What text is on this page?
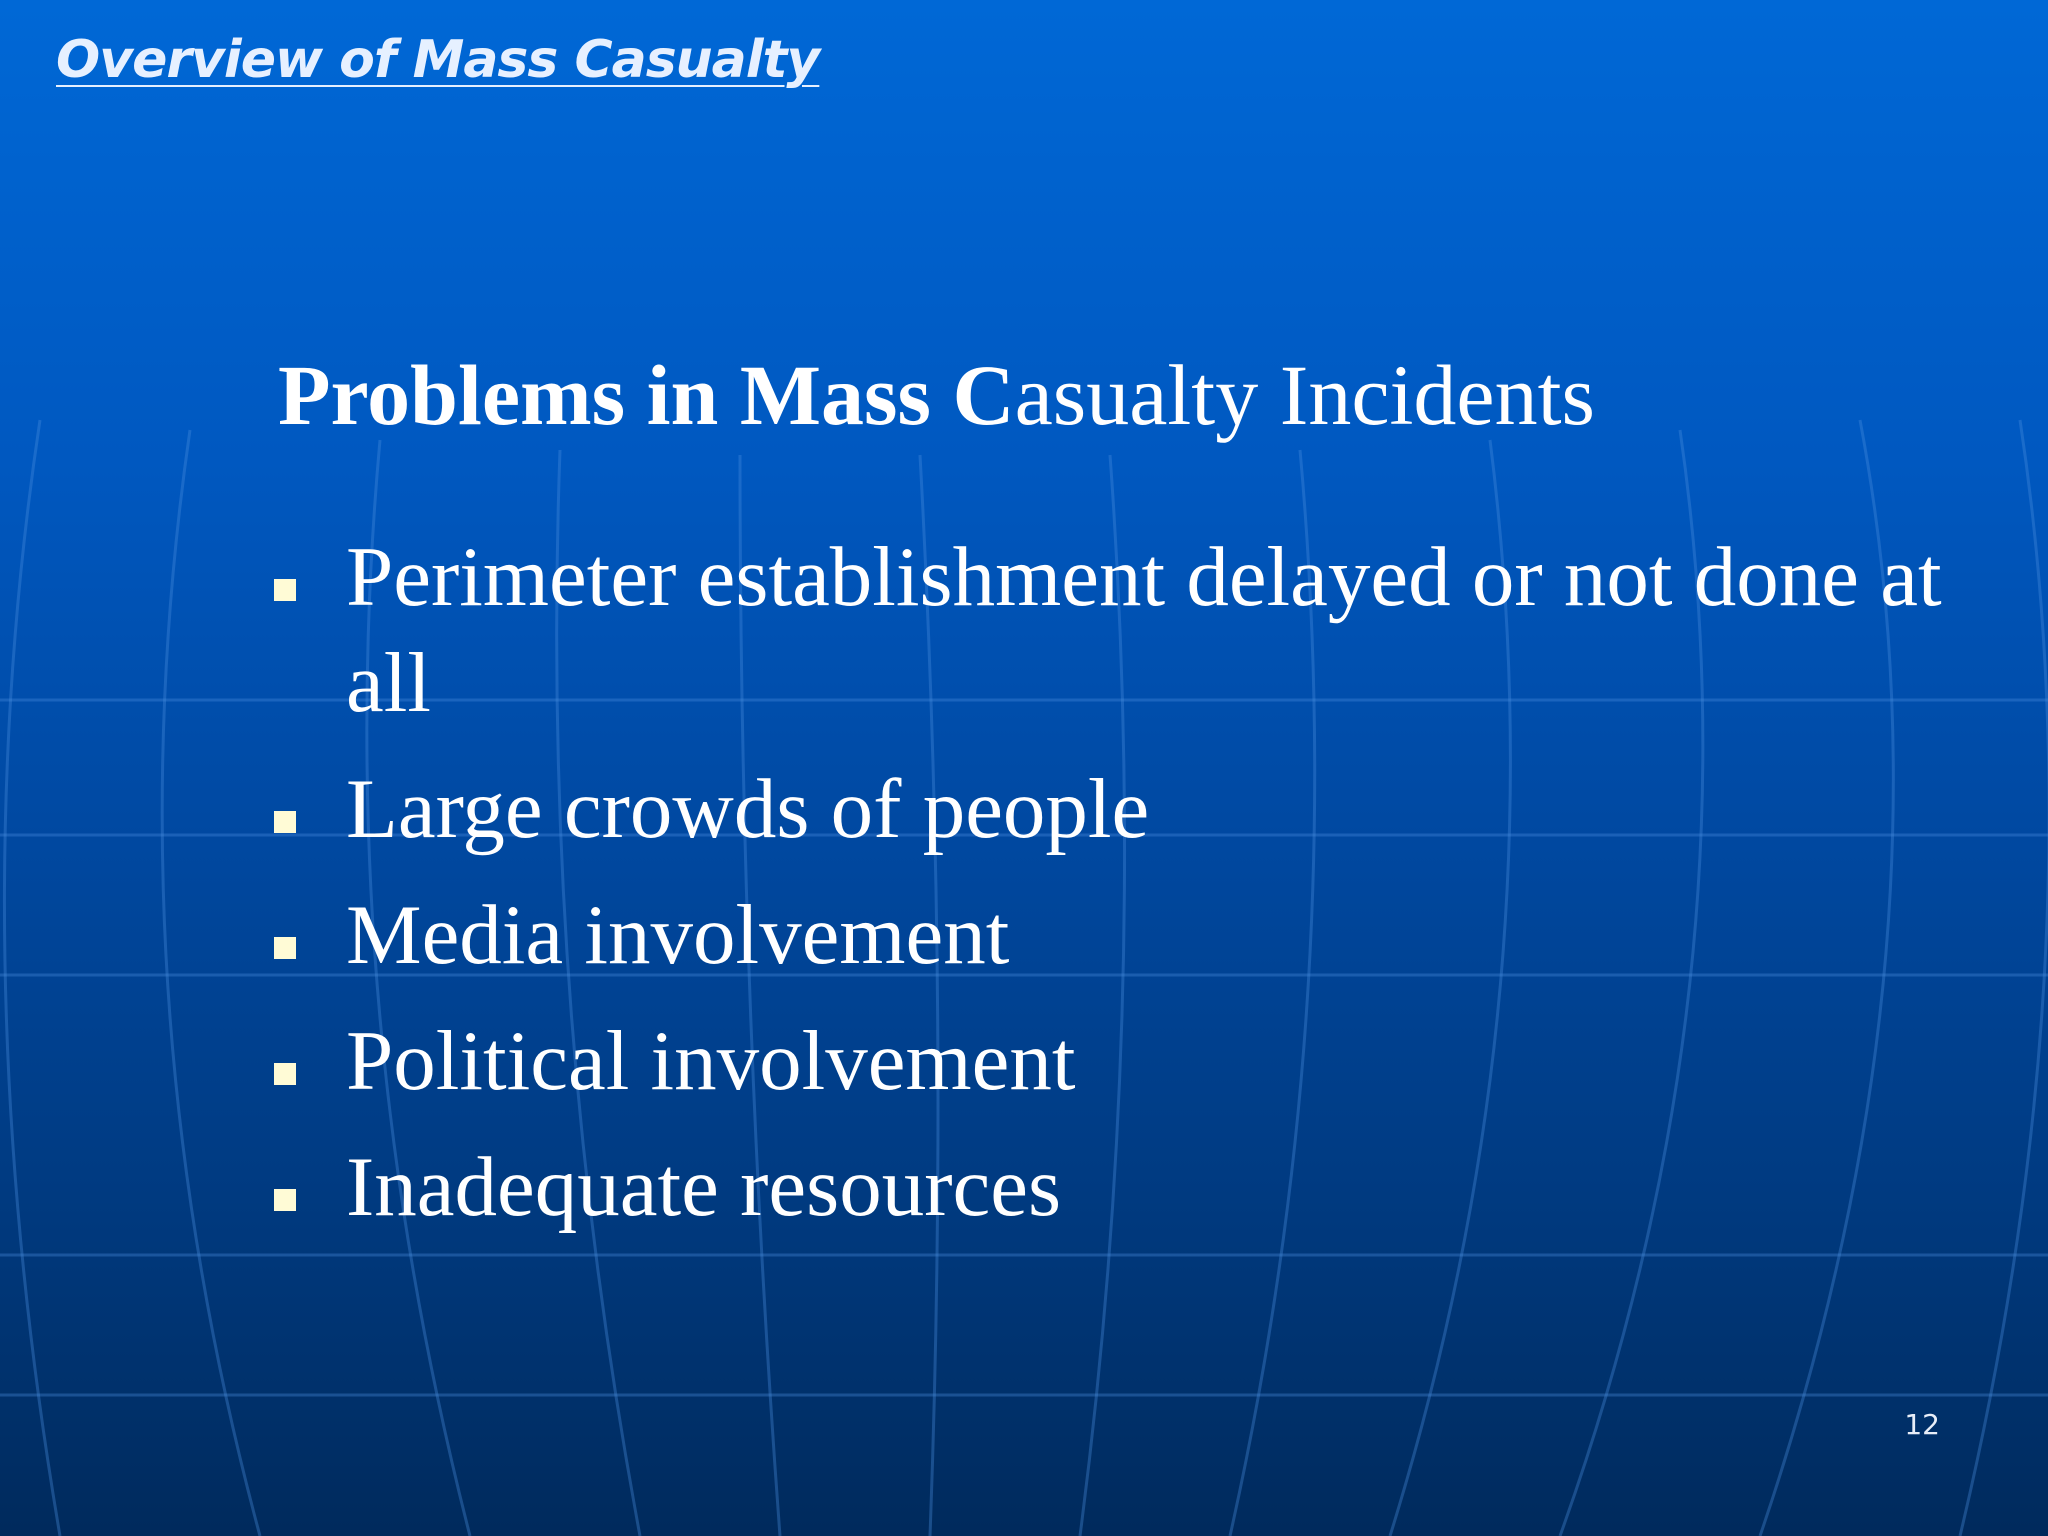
Overview of Mass Casualty
Problems in Mass Casualty Incidents
Perimeter establishment delayed or not done at all
Large crowds of people
Media involvement
Political involvement
Inadequate resources
12
